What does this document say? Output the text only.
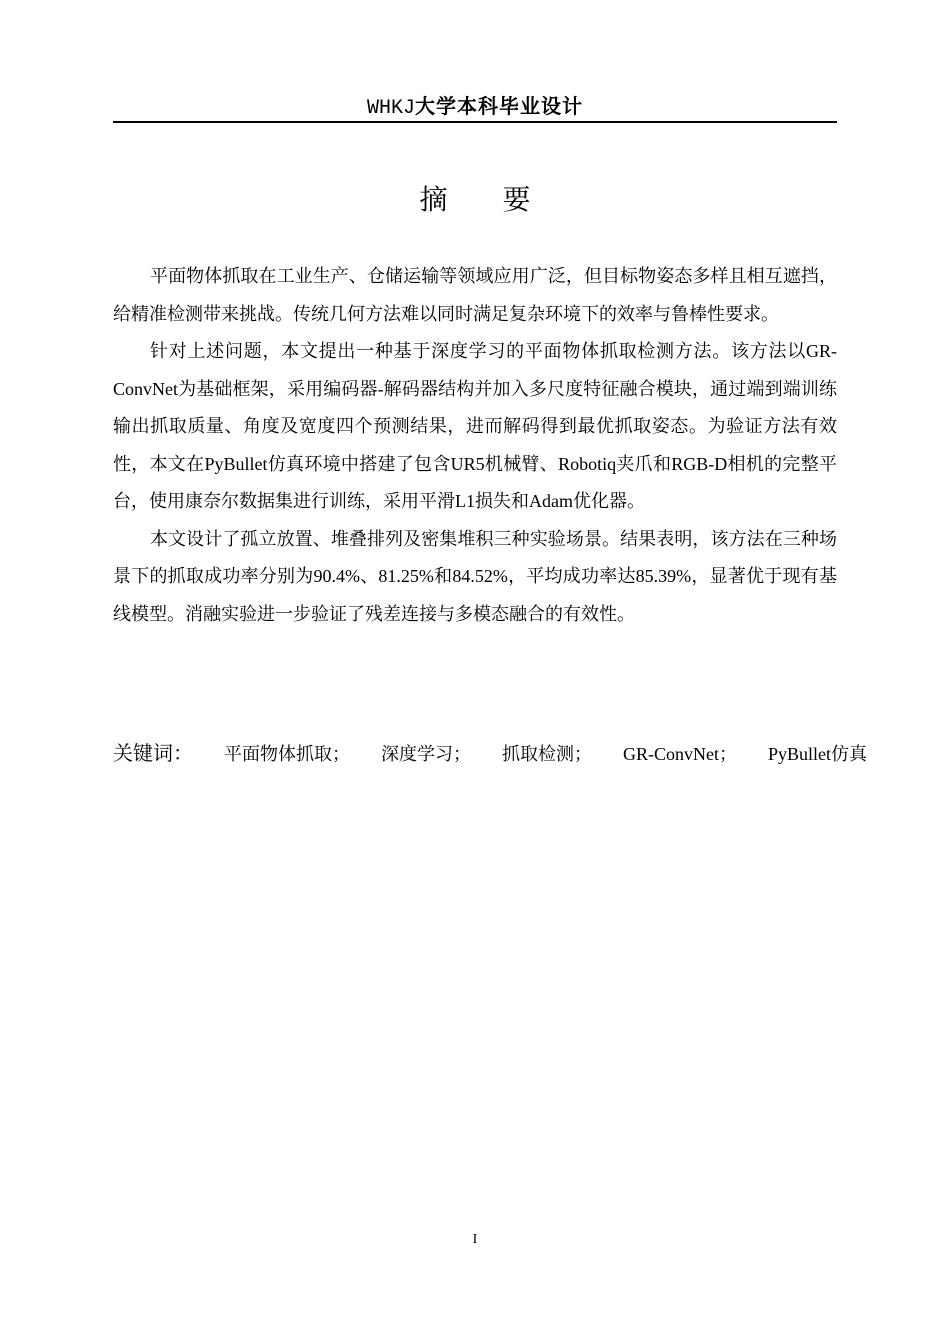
WHKJ大学本科毕业设计
摘要

平面物体抓取在工业生产、仓储运输等领域应用广泛，但目标物姿态多样且相互遮挡，给精准检测带来挑战。传统几何方法难以同时满足复杂环境下的效率与鲁棒性要求。

针对上述问题，本文提出一种基于深度学习的平面物体抓取检测方法。该方法以GR-ConvNet为基础框架，采用编码器-解码器结构并加入多尺度特征融合模块，通过端到端训练输出抓取质量、角度及宽度四个预测结果，进而解码得到最优抓取姿态。为验证方法有效性，本文在PyBullet仿真环境中搭建了包含UR5机械臂、Robotiq夹爪和RGB-D相机的完整平台，使用康奈尔数据集进行训练，采用平滑L1损失和Adam优化器。

本文设计了孤立放置、堆叠排列及密集堆积三种实验场景。结果表明，该方法在三种场景下的抓取成功率分别为90.4%、81.25%和84.52%，平均成功率达85.39%，显著优于现有基线模型。消融实验进一步验证了残差连接与多模态融合的有效性。

关键词： 平面物体抓取； 深度学习； 抓取检测； GR-ConvNet； PyBullet仿真
I
